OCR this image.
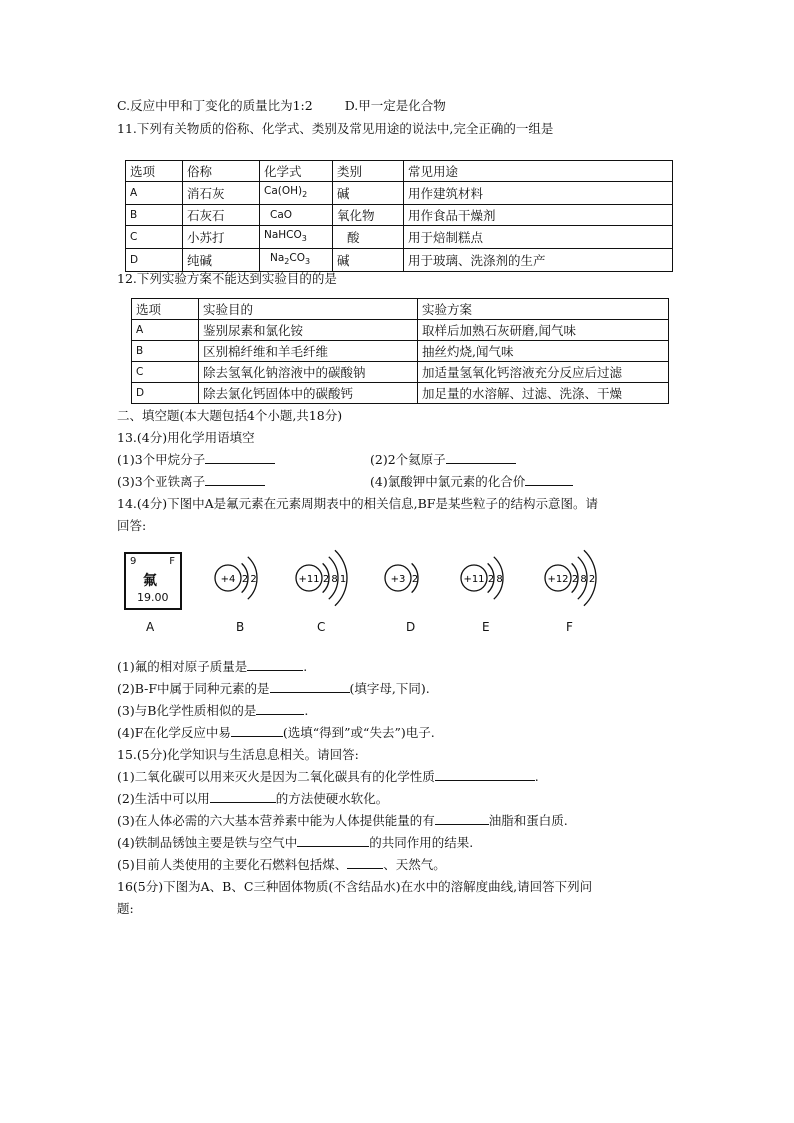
C.反应中甲和丁变化的质量比为1:2	D.甲一定是化合物
11.下列有关物质的俗称、化学式、类别及常见用途的说法中,完全正确的一组是
选项	俗称	化学式	类别	常见用途
A	消石灰	$Ca(OH)_2$	碱	用作建筑材料
B	石灰石	CaO	氧化物	用作食品干燥剂
C	小苏打	NaHCO$_3$	酸	用于焙制糕点
D	纯碱	$Na_2CO_3$	碱	用于玻璃、洗涤剂的生产
12.下列实验方案不能达到实验目的的是
选项	实验目的	实验方案
A	鉴别尿素和氯化铵	取样后加熟石灰研磨,闻气味
B	区别棉纤维和羊毛纤维	抽丝灼烧,闻气味
C	除去氢氧化钠溶液中的碳酸钠	加适量氢氧化钙溶液充分反应后过滤
D	除去氯化钙固体中的碳酸钙	加足量的水溶解、过滤、洗涤、干燥
二、填空题(本大题包括4个小题,共18分)
13.(4分)用化学用语填空
(1)3个甲烷分子	(2)2个氦原子
(3)3个亚铁离子	(4)氯酸钾中氯元素的化合价
14.(4分)下图中A是氟元素在元素周期表中的相关信息,BF是某些粒子的结构示意图。请
回答:
9	F
氟
19.00
A
+4 2 2	+11 2 8 1	+3 2	+11 2 8	+12 2 8 2
B	C	D	E	F
(1)氟的相对原子质量是	.
(2)B-F中属于同种元素的是	(填字母,下同).
(3)与B化学性质相似的是	.
(4)F在化学反应中易	(选填“得到”或“失去”)电子.
15.(5分)化学知识与生活息息相关。请回答:
(1)二氧化碳可以用来灭火是因为二氧化碳具有的化学性质	.
(2)生活中可以用	的方法使硬水软化。
(3)在人体必需的六大基本营养素中能为人体提供能量的有	油脂和蛋白质.
(4)铁制品锈蚀主要是铁与空气中	的共同作用的结果.
(5)目前人类使用的主要化石燃料包括煤、	、天然气。
16(5分)下图为A、B、C三种固体物质(不含结品水)在水中的溶解度曲线,请回答下列问
题:
